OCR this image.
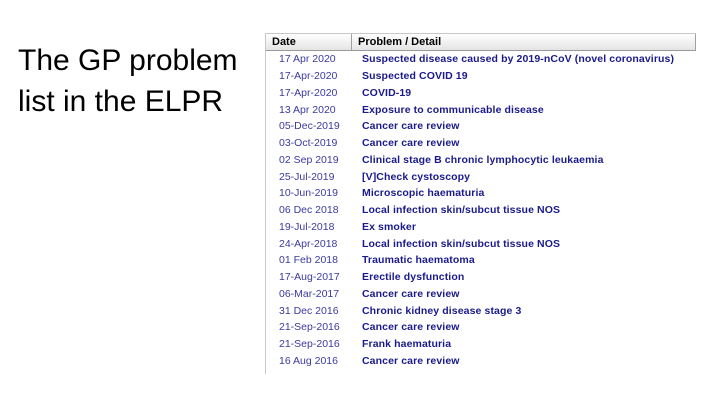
The GP problem list in the ELPR
Date	Problem / Detail
17 Apr 2020	Suspected disease caused by 2019-nCoV (novel coronavirus)
17-Apr-2020	Suspected COVID 19
17-Apr-2020	COVID-19
13 Apr 2020	Exposure to communicable disease
05-Dec-2019	Cancer care review
03-Oct-2019	Cancer care review
02 Sep 2019	Clinical stage B chronic lymphocytic leukaemia
25-Jul-2019	[V]Check cystoscopy
10-Jun-2019	Microscopic haematuria
06 Dec 2018	Local infection skin/subcut tissue NOS
19-Jul-2018	Ex smoker
24-Apr-2018	Local infection skin/subcut tissue NOS
01 Feb 2018	Traumatic haematoma
17-Aug-2017	Erectile dysfunction
06-Mar-2017	Cancer care review
31 Dec 2016	Chronic kidney disease stage 3
21-Sep-2016	Cancer care review
21-Sep-2016	Frank haematuria
16 Aug 2016	Cancer care review
